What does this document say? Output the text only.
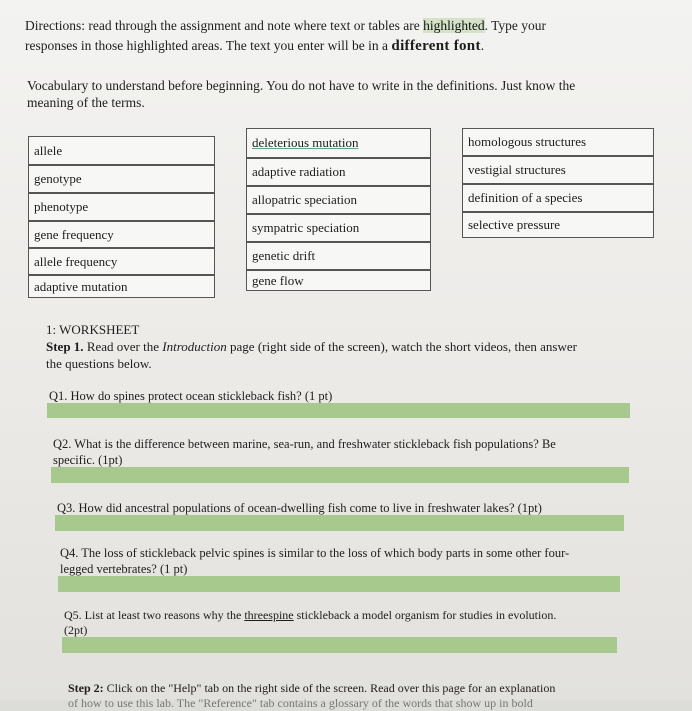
Directions: read through the assignment and note where text or tables are highlighted. Type your
responses in those highlighted areas. The text you enter will be in a different font.
Vocabulary to understand before beginning. You do not have to write in the definitions. Just know the
meaning of the terms.
allele
genotype
phenotype
gene frequency
allele frequency
adaptive mutation
deleterious mutation
adaptive radiation
allopatric speciation
sympatric speciation
genetic drift
gene flow
homologous structures
vestigial structures
definition of a species
selective pressure
1: WORKSHEET
Step 1. Read over the Introduction page (right side of the screen), watch the short videos, then answer
the questions below.
Q1. How do spines protect ocean stickleback fish? (1 pt)
Q2. What is the difference between marine, sea-run, and freshwater stickleback fish populations? Be
specific. (1pt)
Q3. How did ancestral populations of ocean-dwelling fish come to live in freshwater lakes? (1pt)
Q4. The loss of stickleback pelvic spines is similar to the loss of which body parts in some other four-
legged vertebrates? (1 pt)
Q5. List at least two reasons why the threespine stickleback a model organism for studies in evolution.
(2pt)
Step 2: Click on the "Help" tab on the right side of the screen. Read over this page for an explanation
of how to use this lab. The "Reference" tab contains a glossary of the words that show up in bold
